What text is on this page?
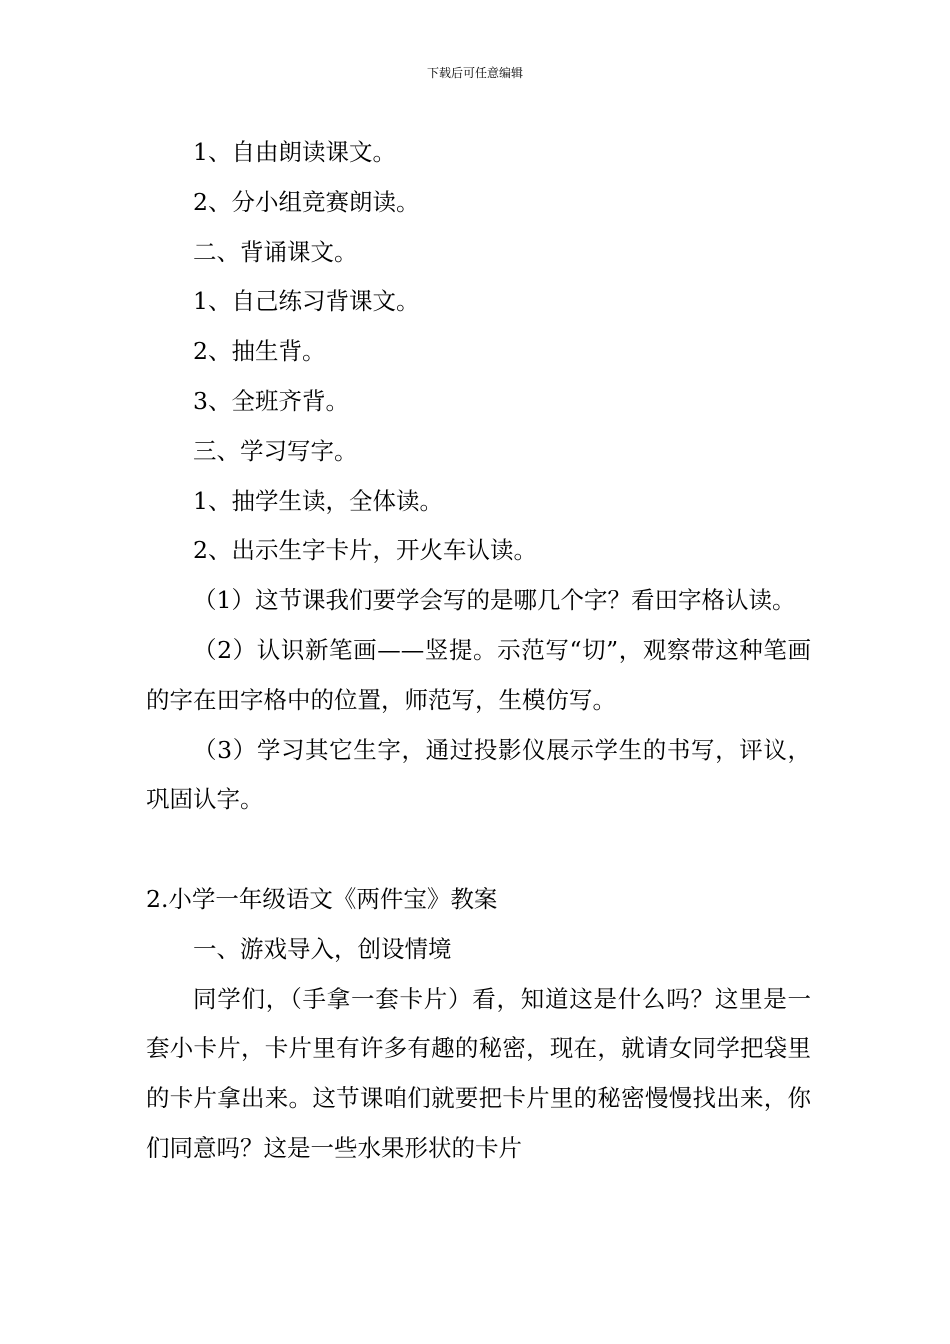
下载后可任意编辑

1、自由朗读课文。

2、分小组竞赛朗读。

二、背诵课文。

1、自己练习背课文。

2、抽生背。

3、全班齐背。

三、学习写字。

1、抽学生读，全体读。

2、出示生字卡片，开火车认读。

（1）这节课我们要学会写的是哪几个字？看田字格认读。

（2）认识新笔画——竖提。示范写“切”，观察带这种笔画的字在田字格中的位置，师范写，生模仿写。

（3）学习其它生字，通过投影仪展示学生的书写，评议，巩固认字。

2.小学一年级语文《两件宝》教案

一、游戏导入，创设情境

同学们，（手拿一套卡片）看，知道这是什么吗？这里是一套小卡片，卡片里有许多有趣的秘密，现在，就请女同学把袋里的卡片拿出来。这节课咱们就要把卡片里的秘密慢慢找出来，你们同意吗？这是一些水果形状的卡片
